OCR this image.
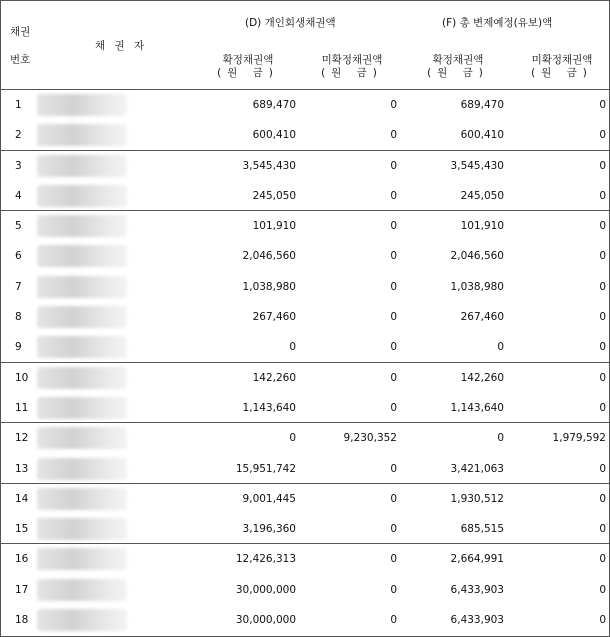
채권
번호
채 권 자
(D) 개인회생채권액	(F) 총 변제예정(유보)액
확정채권액
(원 금)
미확정채권액
(원 금)
확정채권액
(원 금)
미확정채권액
(원 금)
1	689,470	0	689,470	0
2	600,410	0	600,410	0
3	3,545,430	0	3,545,430	0
4	245,050	0	245,050	0
5	101,910	0	101,910	0
6	2,046,560	0	2,046,560	0
7	1,038,980	0	1,038,980	0
8	267,460	0	267,460	0
9	0	0	0	0
10	142,260	0	142,260	0
11	1,143,640	0	1,143,640	0
12	0	9,230,352	0	1,979,592
13	15,951,742	0	3,421,063	0
14	9,001,445	0	1,930,512	0
15	3,196,360	0	685,515	0
16	12,426,313	0	2,664,991	0
17	30,000,000	0	6,433,903	0
18	30,000,000	0	6,433,903	0
